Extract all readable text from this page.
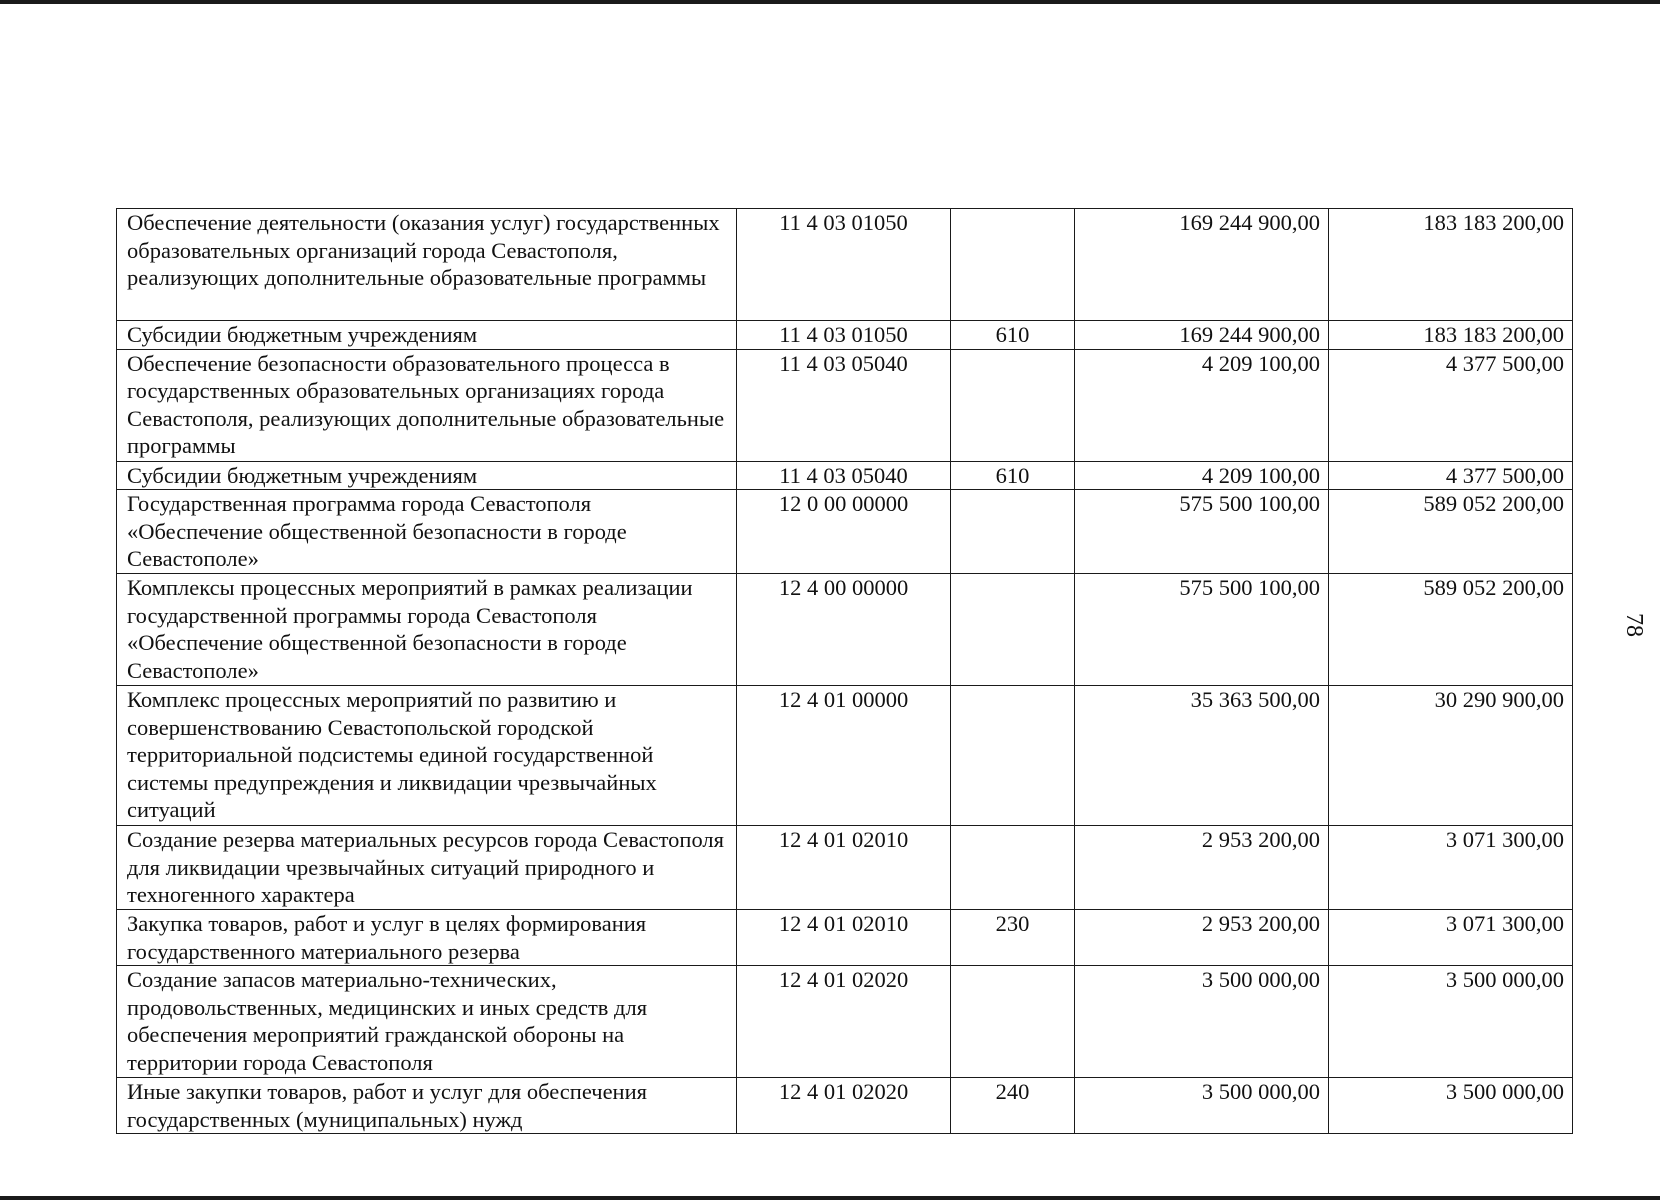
Обеспечение деятельности (оказания услуг) государственных образовательных организаций города Севастополя, реализующих дополнительные образовательные программы	11 4 03 01050		169 244 900,00	183 183 200,00
Субсидии бюджетным учреждениям	11 4 03 01050	610	169 244 900,00	183 183 200,00
Обеспечение безопасности образовательного процесса в государственных образовательных организациях города Севастополя, реализующих дополнительные образовательные программы	11 4 03 05040		4 209 100,00	4 377 500,00
Субсидии бюджетным учреждениям	11 4 03 05040	610	4 209 100,00	4 377 500,00
Государственная программа города Севастополя «Обеспечение общественной безопасности в городе Севастополе»	12 0 00 00000		575 500 100,00	589 052 200,00
Комплексы процессных мероприятий в рамках реализации государственной программы города Севастополя «Обеспечение общественной безопасности в городе Севастополе»	12 4 00 00000		575 500 100,00	589 052 200,00
Комплекс процессных мероприятий по развитию и совершенствованию Севастопольской городской территориальной подсистемы единой государственной системы предупреждения и ликвидации чрезвычайных ситуаций	12 4 01 00000		35 363 500,00	30 290 900,00
Создание резерва материальных ресурсов города Севастополя для ликвидации чрезвычайных ситуаций природного и техногенного характера	12 4 01 02010		2 953 200,00	3 071 300,00
Закупка товаров, работ и услуг в целях формирования государственного материального резерва	12 4 01 02010	230	2 953 200,00	3 071 300,00
Создание запасов материально-технических, продовольственных, медицинских и иных средств для обеспечения мероприятий гражданской обороны на территории города Севастополя	12 4 01 02020		3 500 000,00	3 500 000,00
Иные закупки товаров, работ и услуг для обеспечения государственных (муниципальных) нужд	12 4 01 02020	240	3 500 000,00	3 500 000,00
78
